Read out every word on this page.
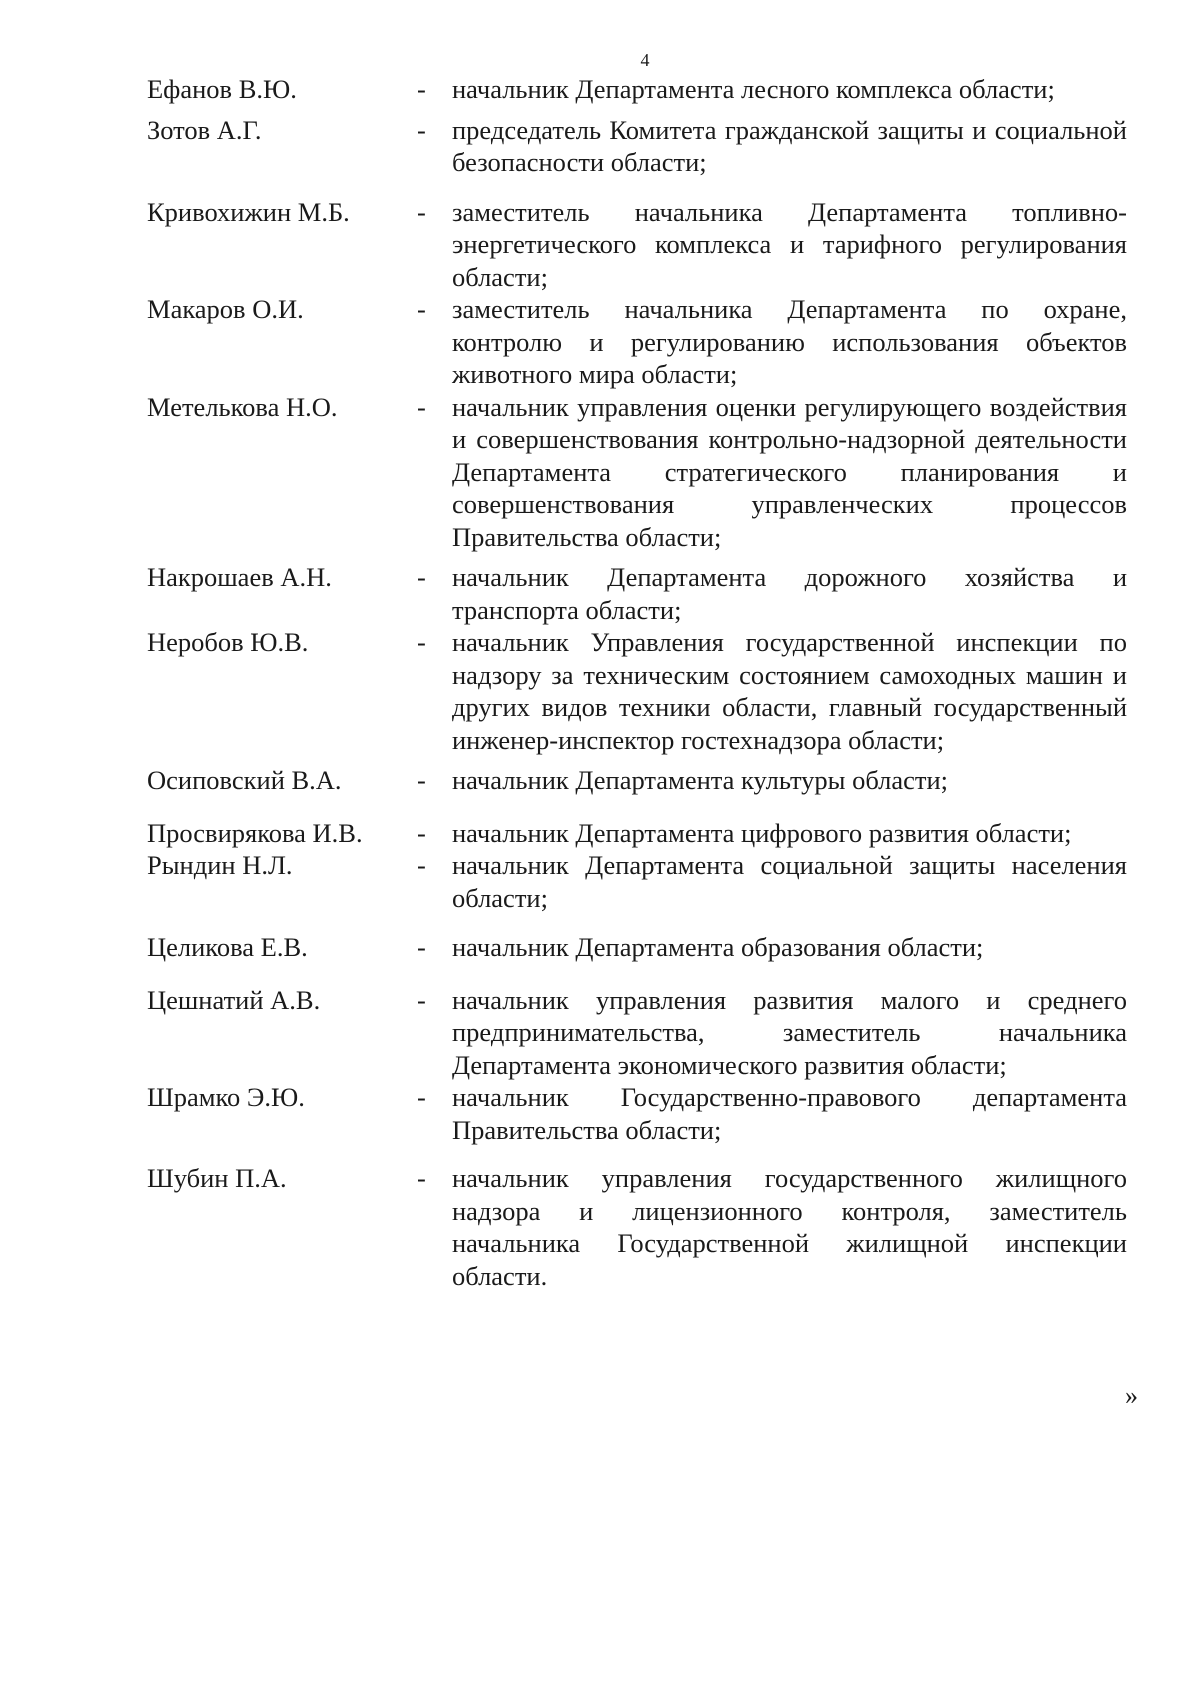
4
Ефанов В.Ю.	- начальник Департамента лесного комплекса области;
Зотов А.Г.	- председатель Комитета гражданской защиты и социальной безопасности области;
Кривохижин М.Б.	- заместитель начальника Департамента топливно-энергетического комплекса и тарифного регулирования области;
Макаров О.И.	- заместитель начальника Департамента по охране, контролю и регулированию использования объектов животного мира области;
Метелькова Н.О.	- начальник управления оценки регулирующего воздействия и совершенствования контрольно-надзорной деятельности Департамента стратегического планирования и совершенствования управленческих процессов Правительства области;
Накрошаев А.Н.	- начальник Департамента дорожного хозяйства и транспорта области;
Неробов Ю.В.	- начальник Управления государственной инспекции по надзору за техническим состоянием самоходных машин и других видов техники области, главный государственный инженер-инспектор гостехнадзора области;
Осиповский В.А.	- начальник Департамента культуры области;
Просвирякова И.В.	- начальник Департамента цифрового развития области;
Рындин Н.Л.	- начальник Департамента социальной защиты населения области;
Целикова Е.В.	- начальник Департамента образования области;
Цешнатий А.В.	- начальник управления развития малого и среднего предпринимательства, заместитель начальника Департамента экономического развития области;
Шрамко Э.Ю.	- начальник Государственно-правового департамента Правительства области;
Шубин П.А.	- начальник управления государственного жилищного надзора и лицензионного контроля, заместитель начальника Государственной жилищной инспекции области.
»
